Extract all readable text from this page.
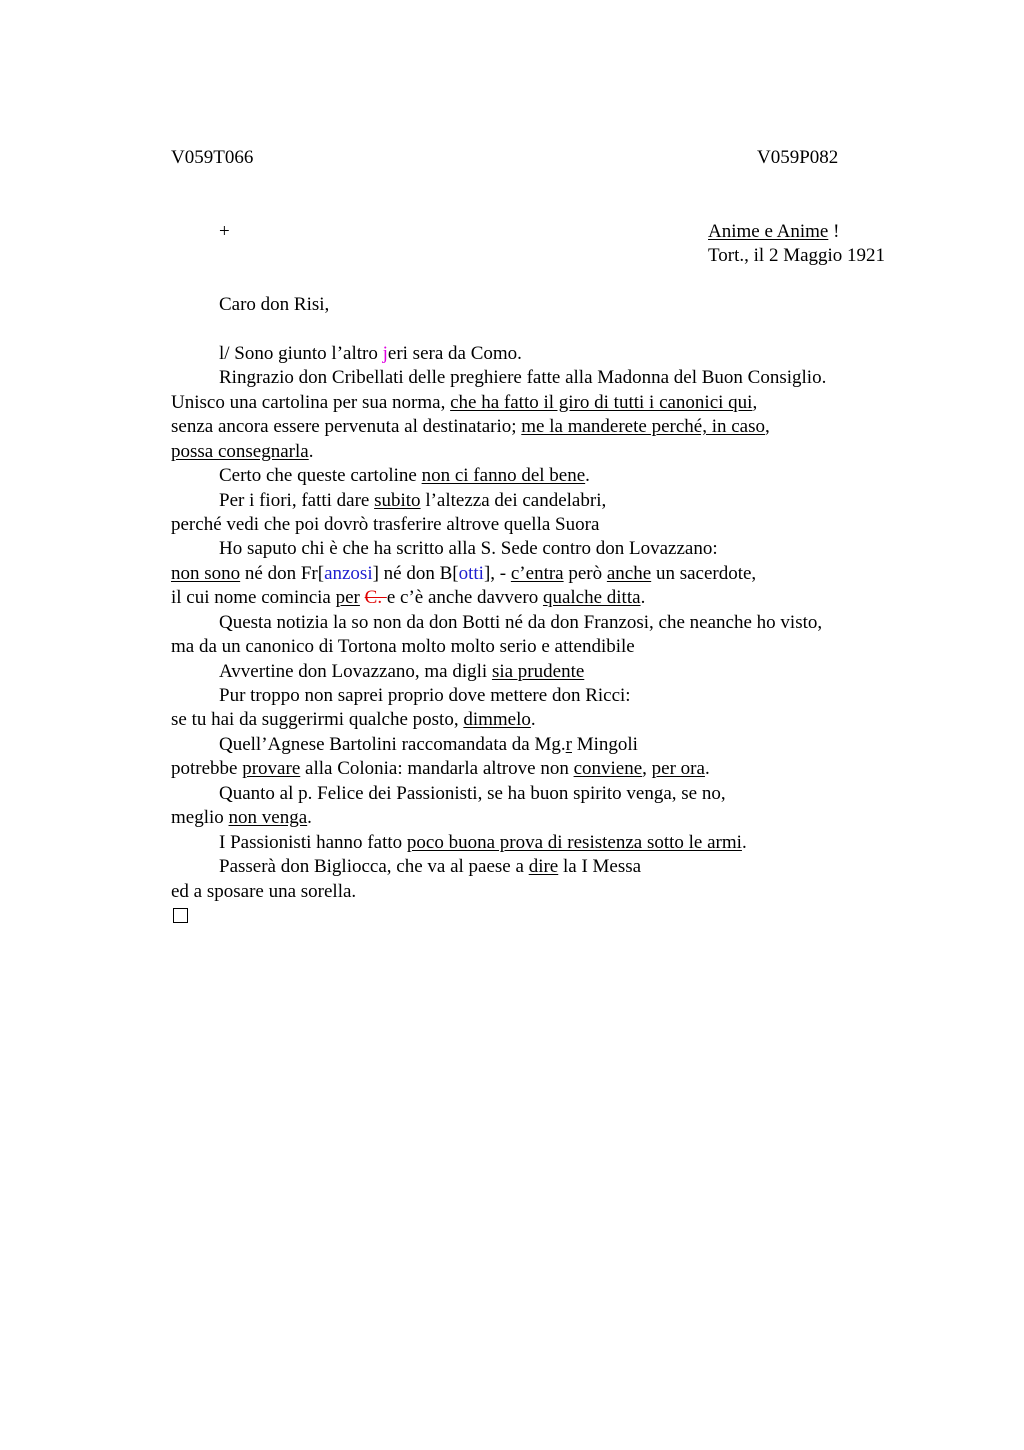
V059T066	V059P082
+	Anime e Anime !
Tort., il 2 Maggio 1921
Caro don Risi,
l/ Sono giunto l’altro jeri sera da Como.
Ringrazio don Cribellati delle preghiere fatte alla Madonna del Buon Consiglio.
Unisco una cartolina per sua norma, che ha fatto il giro di tutti i canonici qui,
senza ancora essere pervenuta al destinatario; me la manderete perché, in caso,
possa consegnarla.
Certo che queste cartoline non ci fanno del bene.
Per i fiori, fatti dare subito l’altezza dei candelabri,
perché vedi che poi dovrò trasferire altrove quella Suora
Ho saputo chi è che ha scritto alla S. Sede contro don Lovazzano:
non sono né don Fr[anzosi] né don B[otti], - c’entra però anche un sacerdote,
il cui nome comincia per C. e c’è anche davvero qualche ditta.
Questa notizia la so non da don Botti né da don Franzosi, che neanche ho visto,
ma da un canonico di Tortona molto molto serio e attendibile
Avvertine don Lovazzano, ma digli sia prudente
Pur troppo non saprei proprio dove mettere don Ricci:
se tu hai da suggerirmi qualche posto, dimmelo.
Quell’Agnese Bartolini raccomandata da Mg.r Mingoli
potrebbe provare alla Colonia: mandarla altrove non conviene, per ora.
Quanto al p. Felice dei Passionisti, se ha buon spirito venga, se no,
meglio non venga.
I Passionisti hanno fatto poco buona prova di resistenza sotto le armi.
Passerà don Bigliocca, che va al paese a dire la I Messa
ed a sposare una sorella.
